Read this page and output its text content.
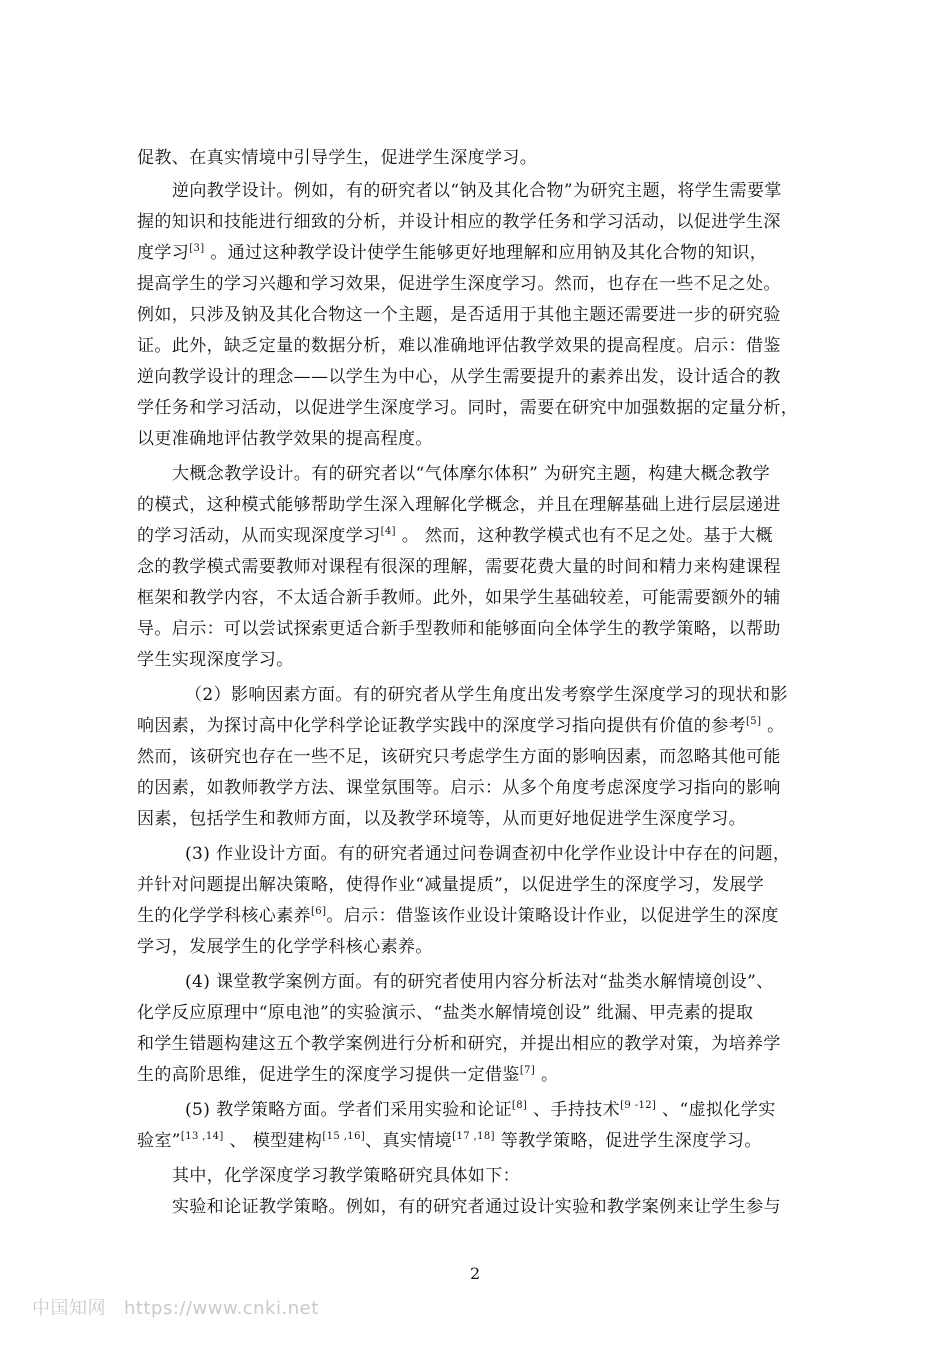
促教、在真实情境中引导学生，促进学生深度学习。
逆向教学设计。例如，有的研究者以“钠及其化合物”为研究主题，将学生需要掌
握的知识和技能进行细致的分析，并设计相应的教学任务和学习活动，以促进学生深
度学习[3] 。通过这种教学设计使学生能够更好地理解和应用钠及其化合物的知识，
提高学生的学习兴趣和学习效果，促进学生深度学习。然而，也存在一些不足之处。
例如，只涉及钠及其化合物这一个主题，是否适用于其他主题还需要进一步的研究验
证。此外，缺乏定量的数据分析，难以准确地评估教学效果的提高程度。启示：借鉴
逆向教学设计的理念——以学生为中心，从学生需要提升的素养出发，设计适合的教
学任务和学习活动，以促进学生深度学习。同时，需要在研究中加强数据的定量分析，
以更准确地评估教学效果的提高程度。
大概念教学设计。有的研究者以“气体摩尔体积” 为研究主题，构建大概念教学
的模式，这种模式能够帮助学生深入理解化学概念，并且在理解基础上进行层层递进
的学习活动，从而实现深度学习[4] 。 然而，这种教学模式也有不足之处。基于大概
念的教学模式需要教师对课程有很深的理解，需要花费大量的时间和精力来构建课程
框架和教学内容，不太适合新手教师。此外，如果学生基础较差，可能需要额外的辅
导。启示：可以尝试探索更适合新手型教师和能够面向全体学生的教学策略，以帮助
学生实现深度学习。
（2）影响因素方面。有的研究者从学生角度出发考察学生深度学习的现状和影
响因素，为探讨高中化学科学论证教学实践中的深度学习指向提供有价值的参考[5] 。
然而，该研究也存在一些不足，该研究只考虑学生方面的影响因素，而忽略其他可能
的因素，如教师教学方法、课堂氛围等。启示：从多个角度考虑深度学习指向的影响
因素，包括学生和教师方面，以及教学环境等，从而更好地促进学生深度学习。
(3) 作业设计方面。有的研究者通过问卷调查初中化学作业设计中存在的问题，
并针对问题提出解决策略，使得作业“减量提质”，以促进学生的深度学习，发展学
生的化学学科核心素养[6]。启示：借鉴该作业设计策略设计作业，以促进学生的深度
学习，发展学生的化学学科核心素养。
(4) 课堂教学案例方面。有的研究者使用内容分析法对“盐类水解情境创设”、
化学反应原理中“原电池”的实验演示、“盐类水解情境创设” 纰漏、甲壳素的提取
和学生错题构建这五个教学案例进行分析和研究，并提出相应的教学对策，为培养学
生的高阶思维，促进学生的深度学习提供一定借鉴[7] 。
(5) 教学策略方面。学者们采用实验和论证[8] 、手持技术[9 -12] 、“虚拟化学实
验室”[13 ,14] 、 模型建构[15 ,16]、真实情境[17 ,18] 等教学策略，促进学生深度学习。
其中，化学深度学习教学策略研究具体如下：
实验和论证教学策略。例如，有的研究者通过设计实验和教学案例来让学生参与
2
中国知网 https://www.cnki.net
